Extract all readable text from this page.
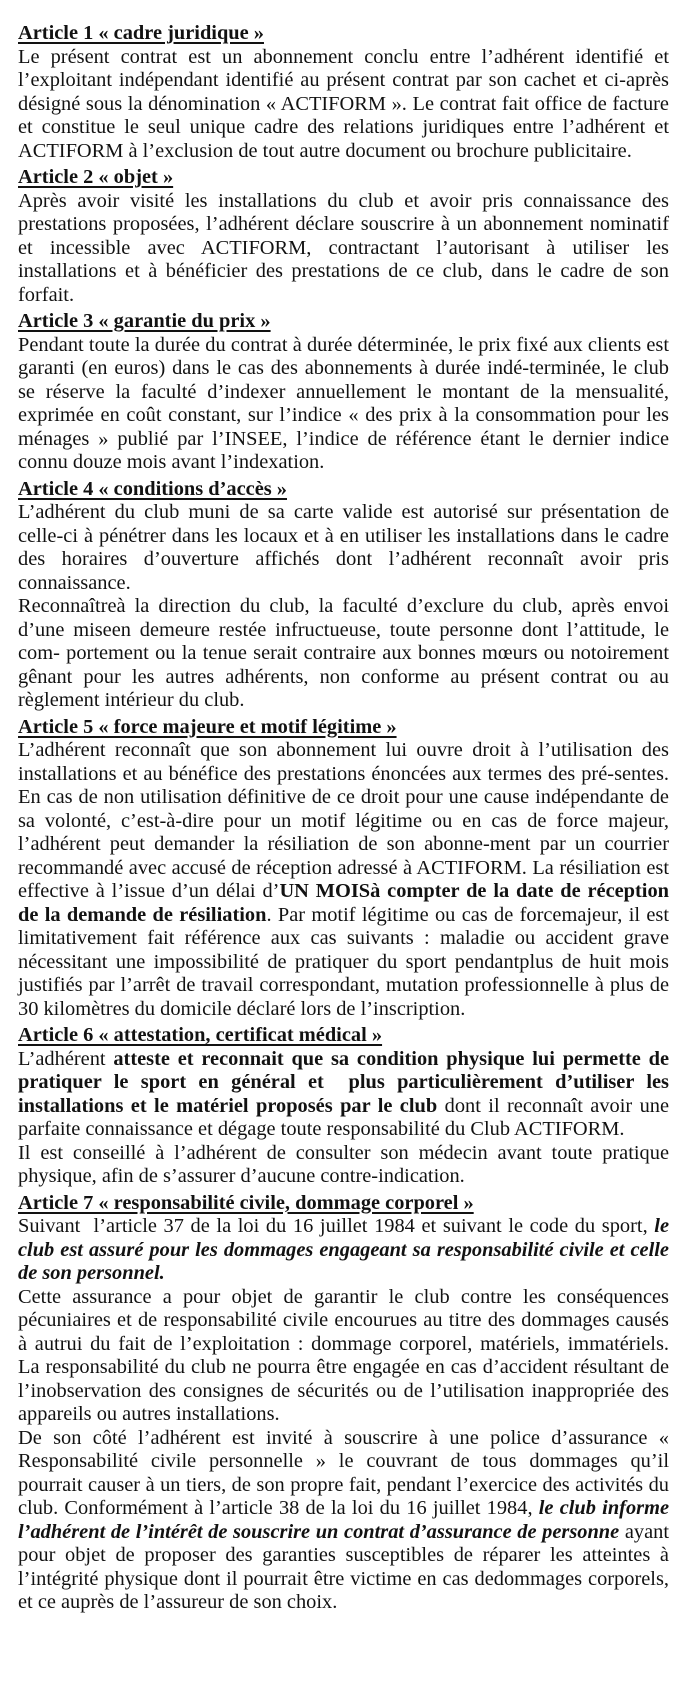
Article 1 « cadre juridique »

Le présent contrat est un abonnement conclu entre l’adhérent identifié et l’exploitant indépendant identifié au présent contrat par son cachet et ci-après désigné sous la dénomination « ACTIFORM ». Le contrat fait office de facture et constitue le seul unique cadre des relations juridiques entre l’adhérent et ACTIFORM à l’exclusion de tout autre document ou brochure publicitaire.

Article 2 « objet »

Après avoir visité les installations du club et avoir pris connaissance des prestations proposées, l’adhérent déclare souscrire à un abonnement nominatif et incessible avec ACTIFORM, contractant l’autorisant à utiliser les installations et à bénéficier des prestations de ce club, dans le cadre de son forfait.

Article 3 « garantie du prix »

Pendant toute la durée du contrat à durée déterminée, le prix fixé aux clients est garanti (en euros) dans le cas des abonnements à durée indé-terminée, le club se réserve la faculté d’indexer annuellement le montant de la mensualité, exprimée en coût constant, sur l’indice « des prix à la consommation pour les ménages » publié par l’INSEE, l’indice de référence étant le dernier indice connu douze mois avant l’indexation.

Article 4 « conditions d’accès »

L’adhérent du club muni de sa carte valide est autorisé sur présentation de celle-ci à pénétrer dans les locaux et à en utiliser les installations dans le cadre des horaires d’ouverture affichés dont l’adhérent reconnaît avoir pris connaissance.

Reconnaîtreà la direction du club, la faculté d’exclure du club, après envoi d’une miseen demeure restée infructueuse, toute personne dont l’attitude, le com- portement ou la tenue serait contraire aux bonnes mœurs ou notoirement gênant pour les autres adhérents, non conforme au présent contrat ou au règlement intérieur du club.

Article 5 « force majeure et motif légitime »

L’adhérent reconnaît que son abonnement lui ouvre droit à l’utilisation des installations et au bénéfice des prestations énoncées aux termes des pré-sentes. En cas de non utilisation définitive de ce droit pour une cause indépendante de sa volonté, c’est-à-dire pour un motif légitime ou en cas de force majeur, l’adhérent peut demander la résiliation de son abonne-ment par un courrier recommandé avec accusé de réception adressé à ACTIFORM. La résiliation est effective à l’issue d’un délai d’UN MOISà compter de la date de réception de la demande de résiliation. Par motif légitime ou cas de forcemajeur, il est limitativement fait référence aux cas suivants : maladie ou accident grave nécessitant une impossibilité de pratiquer du sport pendantplus de huit mois justifiés par l’arrêt de travail correspondant, mutation professionnelle à plus de 30 kilomètres du domicile déclaré lors de l’inscription.

Article 6 « attestation, certificat médical »

L’adhérent atteste et reconnait que sa condition physique lui permette de pratiquer le sport en général et  plus particulièrement d’utiliser les installations et le matériel proposés par le club dont il reconnaît avoir une parfaite connaissance et dégage toute responsabilité du Club ACTIFORM.

Il est conseillé à l’adhérent de consulter son médecin avant toute pratique physique, afin de s’assurer d’aucune contre-indication.

Article 7 « responsabilité civile, dommage corporel »

Suivant  l’article 37 de la loi du 16 juillet 1984 et suivant le code du sport, le club est assuré pour les dommages engageant sa responsabilité civile et celle de son personnel.

Cette assurance a pour objet de garantir le club contre les conséquences pécuniaires et de responsabilité civile encourues au titre des dommages causés à autrui du fait de l’exploitation : dommage corporel, matériels, immatériels. La responsabilité du club ne pourra être engagée en cas d’accident résultant de l’inobservation des consignes de sécurités ou de l’utilisation inappropriée des appareils ou autres installations.

De son côté l’adhérent est invité à souscrire à une police d’assurance « Responsabilité civile personnelle » le couvrant de tous dommages qu’il pourrait causer à un tiers, de son propre fait, pendant l’exercice des activités du club. Conformément à l’article 38 de la loi du 16 juillet 1984, le club informe l’adhérent de l’intérêt de souscrire un contrat d’assurance de personne ayant pour objet de proposer des garanties susceptibles de réparer les atteintes à l’intégrité physique dont il pourrait être victime en cas dedommages corporels, et ce auprès de l’assureur de son choix.
